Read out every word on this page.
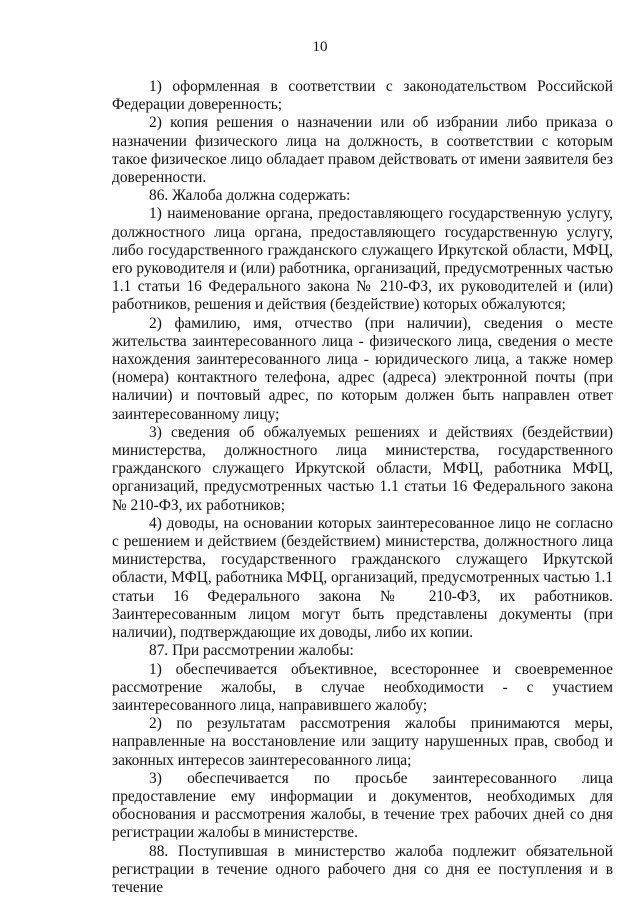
10

1) оформленная в соответствии с законодательством Российской Федерации доверенность;

2) копия решения о назначении или об избрании либо приказа о назначении физического лица на должность, в соответствии с которым такое физическое лицо обладает правом действовать от имени заявителя без доверенности.

86. Жалоба должна содержать:

1) наименование органа, предоставляющего государственную услугу, должностного лица органа, предоставляющего государственную услугу, либо государственного гражданского служащего Иркутской области, МФЦ, его руководителя и (или) работника, организаций, предусмотренных частью 1.1 статьи 16 Федерального закона № 210-ФЗ, их руководителей и (или) работников, решения и действия (бездействие) которых обжалуются;

2) фамилию, имя, отчество (при наличии), сведения о месте жительства заинтересованного лица - физического лица, сведения о месте нахождения заинтересованного лица - юридического лица, а также номер (номера) контактного телефона, адрес (адреса) электронной почты (при наличии) и почтовый адрес, по которым должен быть направлен ответ заинтересованному лицу;

3) сведения об обжалуемых решениях и действиях (бездействии) министерства, должностного лица министерства, государственного гражданского служащего Иркутской области, МФЦ, работника МФЦ, организаций, предусмотренных частью 1.1 статьи 16 Федерального закона № 210-ФЗ, их работников;

4) доводы, на основании которых заинтересованное лицо не согласно с решением и действием (бездействием) министерства, должностного лица министерства, государственного гражданского служащего Иркутской области, МФЦ, работника МФЦ, организаций, предусмотренных частью 1.1 статьи 16 Федерального закона № 210-ФЗ, их работников. Заинтересованным лицом могут быть представлены документы (при наличии), подтверждающие их доводы, либо их копии.

87. При рассмотрении жалобы:

1) обеспечивается объективное, всестороннее и своевременное рассмотрение жалобы, в случае необходимости - с участием заинтересованного лица, направившего жалобу;

2) по результатам рассмотрения жалобы принимаются меры, направленные на восстановление или защиту нарушенных прав, свобод и законных интересов заинтересованного лица;

3) обеспечивается по просьбе заинтересованного лица предоставление ему информации и документов, необходимых для обоснования и рассмотрения жалобы, в течение трех рабочих дней со дня регистрации жалобы в министерстве.

88. Поступившая в министерство жалоба подлежит обязательной регистрации в течение одного рабочего дня со дня ее поступления и в течение
